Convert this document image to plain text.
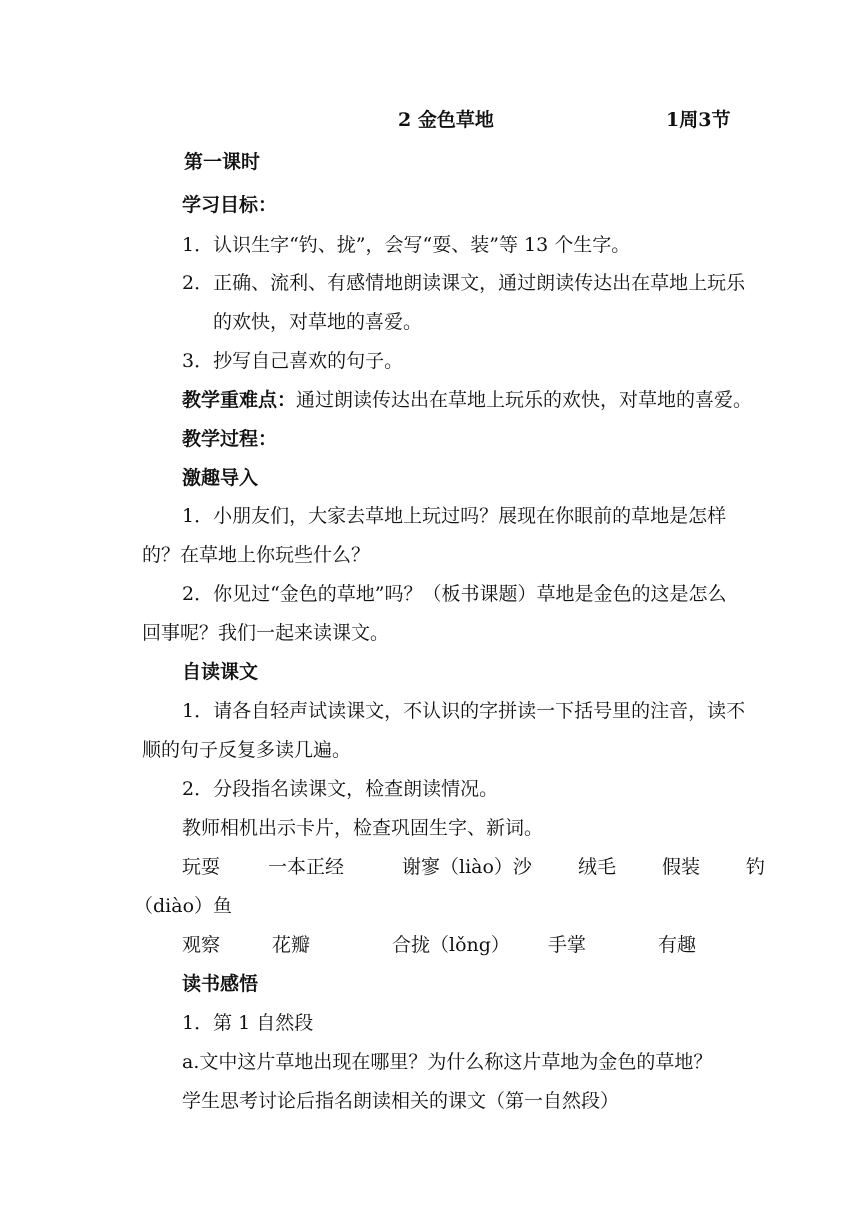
2 金色草地	1周3节
第一课时
学习目标：
1．认识生字“钓、拢”，会写“耍、装”等 13 个生字。
2．正确、流利、有感情地朗读课文，通过朗读传达出在草地上玩乐
的欢快，对草地的喜爱。
3．抄写自己喜欢的句子。
教学重难点：通过朗读传达出在草地上玩乐的欢快，对草地的喜爱。
教学过程：
激趣导入
1．小朋友们，大家去草地上玩过吗？展现在你眼前的草地是怎样
的？在草地上你玩些什么？
2．你见过“金色的草地”吗？（板书课题）草地是金色的这是怎么
回事呢？我们一起来读课文。
自读课文
1．请各自轻声试读课文，不认识的字拼读一下括号里的注音，读不
顺的句子反复多读几遍。
2．分段指名读课文，检查朗读情况。
教师相机出示卡片，检查巩固生字、新词。
玩耍	一本正经	谢寥（liào）沙 绒毛 假装 钓
（diào）鱼
观察	花瓣	合拢（lǒng） 手掌	有趣
读书感悟
1．第 1 自然段
a.文中这片草地出现在哪里？为什么称这片草地为金色的草地？
学生思考讨论后指名朗读相关的课文（第一自然段）
